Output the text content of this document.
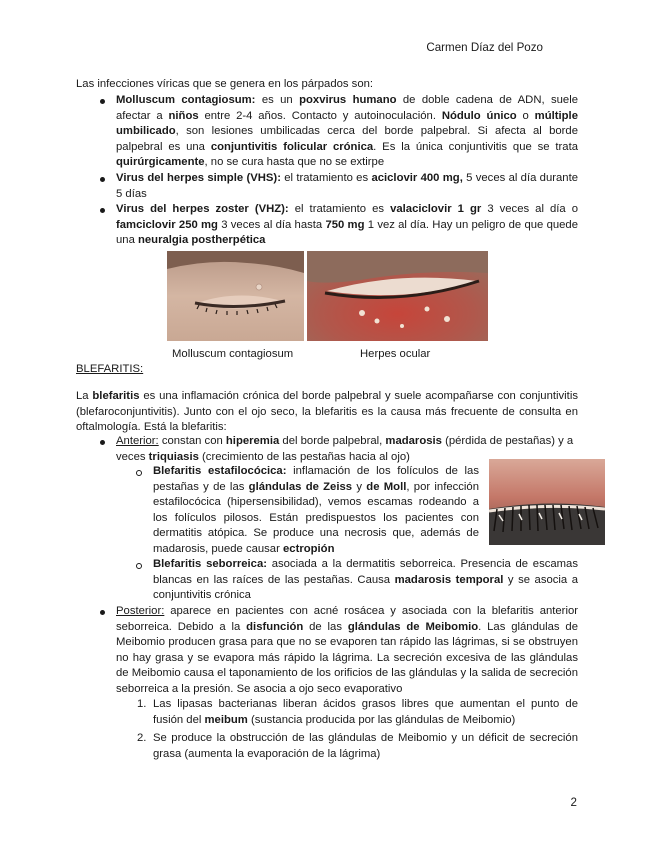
Carmen Díaz del Pozo
Las infecciones víricas que se genera en los párpados son:
Molluscum contagiosum: es un poxvirus humano de doble cadena de ADN, suele afectar a niños entre 2-4 años. Contacto y autoinoculación. Nódulo único o múltiple umbilicado, son lesiones umbilicadas cerca del borde palpebral. Si afecta al borde palpebral es una conjuntivitis folicular crónica. Es la única conjuntivitis que se trata quirúrgicamente, no se cura hasta que no se extirpe
Virus del herpes simple (VHS): el tratamiento es aciclovir 400 mg, 5 veces al día durante 5 días
Virus del herpes zoster (VHZ): el tratamiento es valaciclovir 1 gr 3 veces al día o famciclovir 250 mg 3 veces al día hasta 750 mg 1 vez al día. Hay un peligro de que quede una neuralgia postherpética
Molluscum contagiosum	Herpes ocular
BLEFARITIS:
La blefaritis es una inflamación crónica del borde palpebral y suele acompañarse con conjuntivitis (blefaroconjuntivitis). Junto con el ojo seco, la blefaritis es la causa más frecuente de consulta en oftalmología. Está la blefaritis:
Anterior: constan con hiperemia del borde palpebral, madarosis (pérdida de pestañas) y a veces triquiasis (crecimiento de las pestañas hacia al ojo)
Blefaritis estafilocócica: inflamación de los folículos de las pestañas y de las glándulas de Zeiss y de Moll, por infección estafilocócica (hipersensibilidad), vemos escamas rodeando a los folículos pilosos. Están predispuestos los pacientes con dermatitis atópica. Se produce una necrosis que, además de madarosis, puede causar ectropión
Blefaritis seborreica: asociada a la dermatitis seborreica. Presencia de escamas blancas en las raíces de las pestañas. Causa madarosis temporal y se asocia a conjuntivitis crónica
Posterior: aparece en pacientes con acné rosácea y asociada con la blefaritis anterior seborreica. Debido a la disfunción de las glándulas de Meibomio. Las glándulas de Meibomio producen grasa para que no se evaporen tan rápido las lágrimas, si se obstruyen no hay grasa y se evapora más rápido la lágrima. La secreción excesiva de las glándulas de Meibomio causa el taponamiento de los orificios de las glándulas y la salida de secreción seborreica a la presión. Se asocia a ojo seco evaporativo
1. Las lipasas bacterianas liberan ácidos grasos libres que aumentan el punto de fusión del meibum (sustancia producida por las glándulas de Meibomio)
2. Se produce la obstrucción de las glándulas de Meibomio y un déficit de secreción grasa (aumenta la evaporación de la lágrima)
2
